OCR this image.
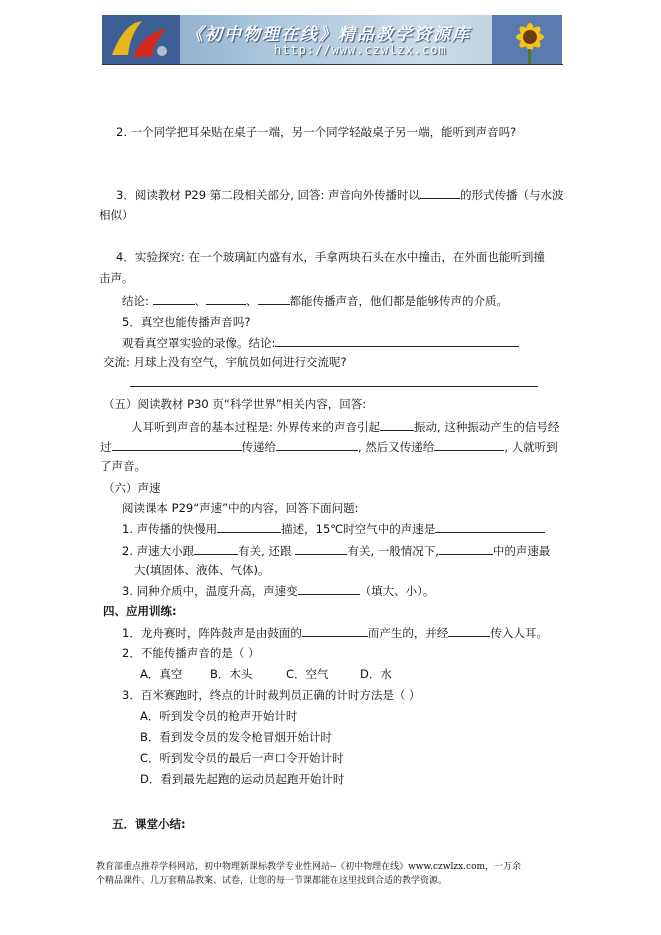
《初中物理在线》精品教学资源库
http://www.czwlzx.com
2. 一个同学把耳朵贴在桌子一端，另一个同学轻敲桌子另一端，能听到声音吗?
3．阅读教材 P29 第二段相关部分, 回答: 声音向外传播时以	的形式传播（与水波
相似）
4．实验探究: 在一个玻璃缸内盛有水，手拿两块石头在水中撞击，在外面也能听到撞
击声。
结论:	、	、	都能传播声音，他们都是能够传声的介质。
5．真空也能传播声音吗?
观看真空罩实验的录像。结论:
交流: 月球上没有空气，宇航员如何进行交流呢?
（五）阅读教材 P30 页“科学世界”相关内容，回答:
人耳听到声音的基本过程是: 外界传来的声音引起	振动, 这种振动产生的信号经
过	传递给	, 然后又传递给	, 人就听到
了声音。
（六）声速
阅读课本 P29“声速”中的内容，回答下面问题:
1. 声传播的快慢用	描述，15℃时空气中的声速是
2. 声速大小跟	有关, 还跟	有关, 一般情况下,	中的声速最
大(填固体、液体、气体)。
3. 同种介质中，温度升高，声速变	（填大、小）。
四、应用训练:
1．龙舟赛时，阵阵鼓声是由鼓面的	而产生的，并经	传入人耳。
2．不能传播声音的是（ ）
A．真空 B．木头	C．空气	D．水
3．百米赛跑时，终点的计时裁判员正确的计时方法是（ ）
A．听到发令员的枪声开始计时
B．看到发令员的发令枪冒烟开始计时
C．听到发令员的最后一声口令开始计时
D．看到最先起跑的运动员起跑开始计时
五．课堂小结:
教育部重点推荐学科网站，初中物理新课标教学专业性网站--《初中物理在线》www.czwlzx.com，一万余
个精品课件、几万套精品教案、试卷，让您的每一节课都能在这里找到合适的教学资源。
